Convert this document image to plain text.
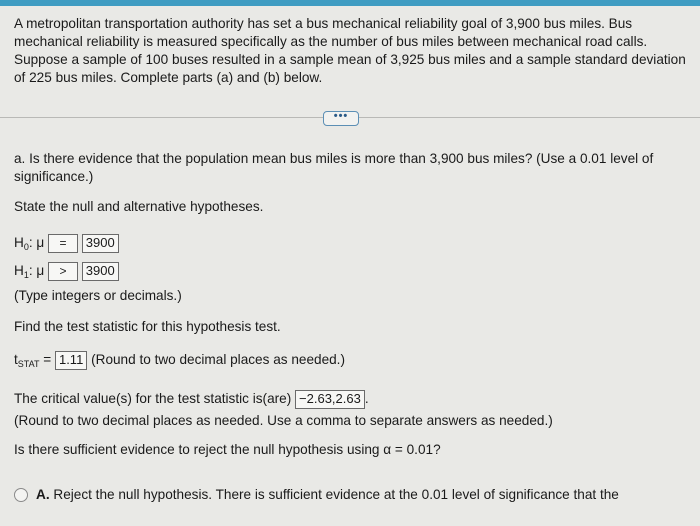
A metropolitan transportation authority has set a bus mechanical reliability goal of 3,900 bus miles. Bus mechanical reliability is measured specifically as the number of bus miles between mechanical road calls. Suppose a sample of 100 buses resulted in a sample mean of 3,925 bus miles and a sample standard deviation of 225 bus miles. Complete parts (a) and (b) below.
•••
a. Is there evidence that the population mean bus miles is more than 3,900 bus miles? (Use a 0.01 level of significance.)
State the null and alternative hypotheses.
$H_0$: μ = 3900
$H_1$: μ > 3900
(Type integers or decimals.)
Find the test statistic for this hypothesis test.
$t_{STAT} = 1.11$ (Round to two decimal places as needed.)
The critical value(s) for the test statistic is(are) −2.63,2.63 .
(Round to two decimal places as needed. Use a comma to separate answers as needed.)
Is there sufficient evidence to reject the null hypothesis using α = 0.01?
A. Reject the null hypothesis. There is sufficient evidence at the 0.01 level of significance that the
